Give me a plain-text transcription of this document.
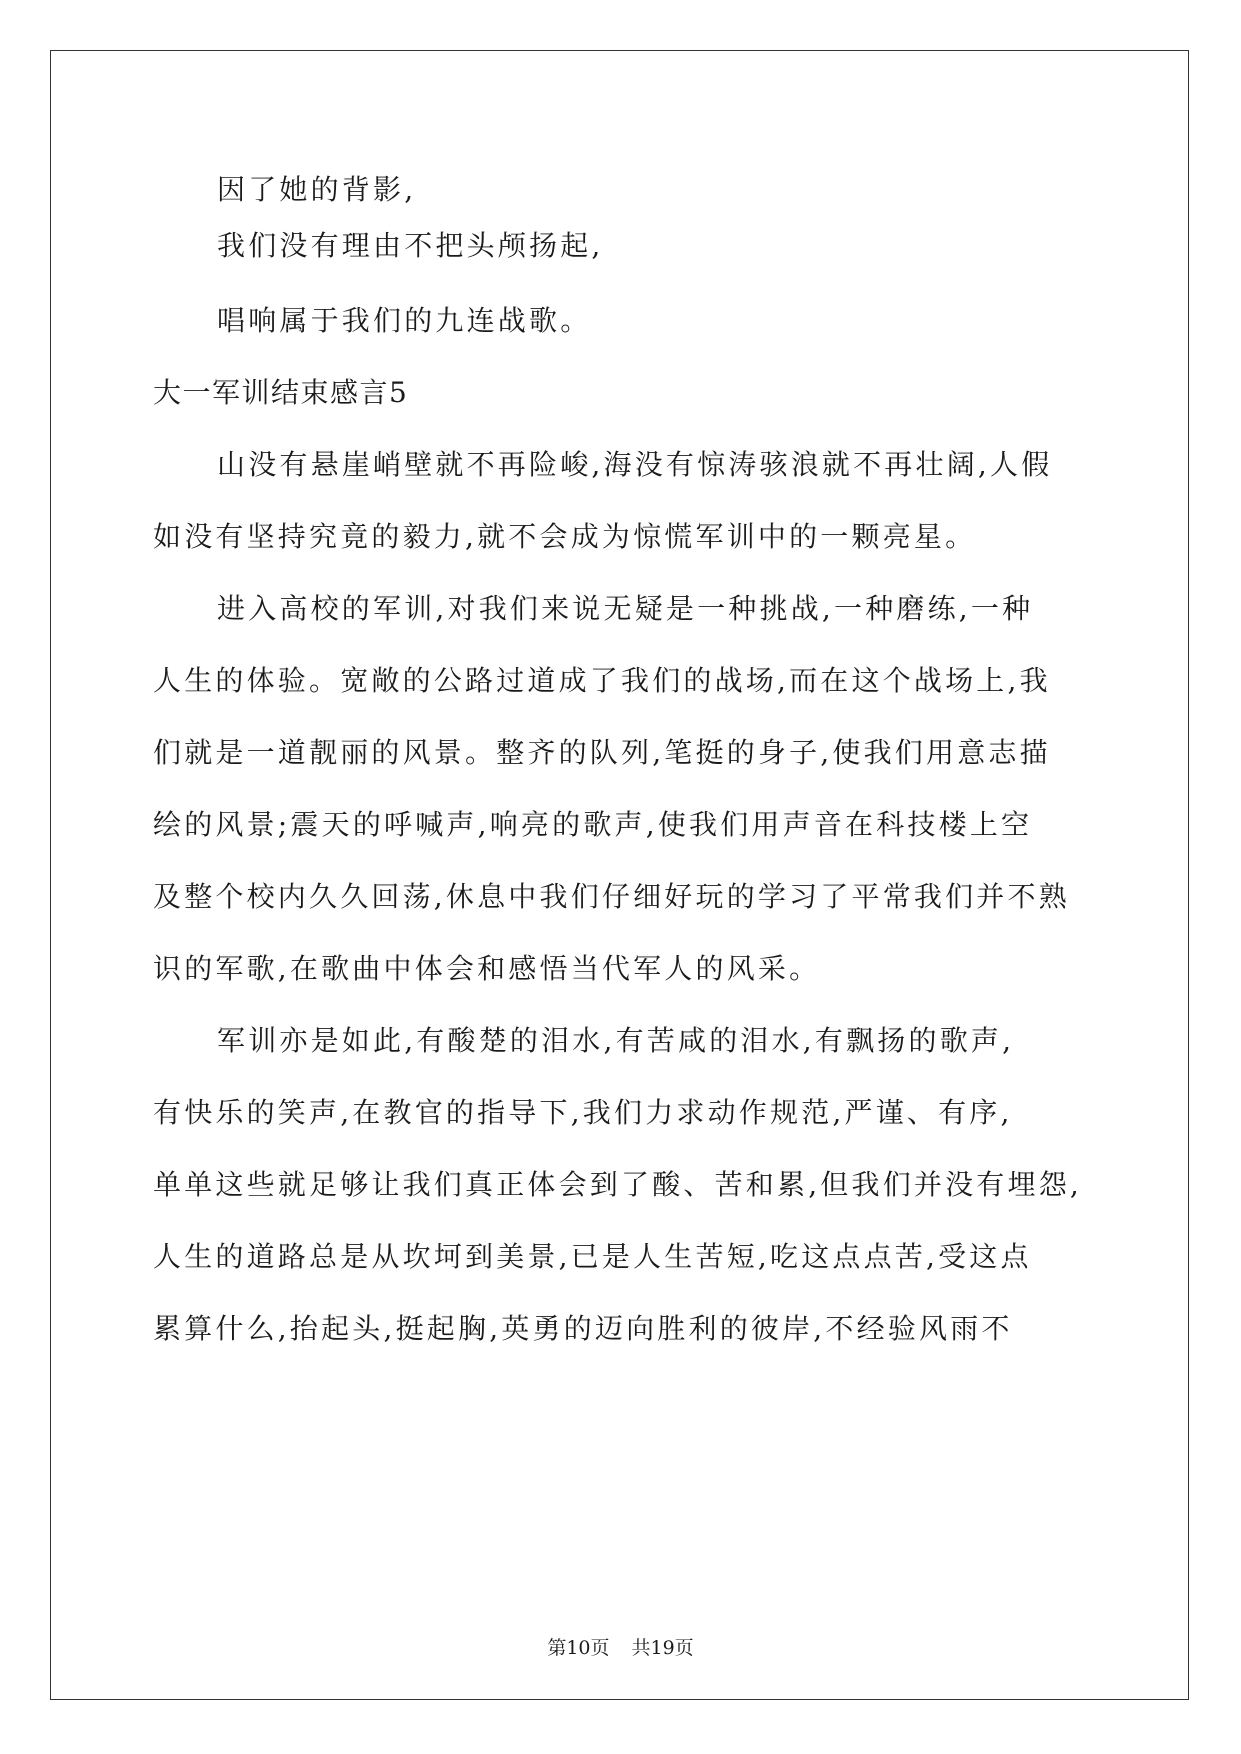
因了她的背影,
我们没有理由不把头颅扬起,
唱响属于我们的九连战歌。
大一军训结束感言5
山没有悬崖峭壁就不再险峻,海没有惊涛骇浪就不再壮阔,人假
如没有坚持究竟的毅力,就不会成为惊慌军训中的一颗亮星。
进入高校的军训,对我们来说无疑是一种挑战,一种磨练,一种
人生的体验。宽敞的公路过道成了我们的战场,而在这个战场上,我
们就是一道靓丽的风景。整齐的队列,笔挺的身子,使我们用意志描
绘的风景;震天的呼喊声,响亮的歌声,使我们用声音在科技楼上空
及整个校内久久回荡,休息中我们仔细好玩的学习了平常我们并不熟
识的军歌,在歌曲中体会和感悟当代军人的风采。
军训亦是如此,有酸楚的泪水,有苦咸的泪水,有飘扬的歌声,
有快乐的笑声,在教官的指导下,我们力求动作规范,严谨、有序,
单单这些就足够让我们真正体会到了酸、苦和累,但我们并没有埋怨,
人生的道路总是从坎坷到美景,已是人生苦短,吃这点点苦,受这点
累算什么,抬起头,挺起胸,英勇的迈向胜利的彼岸,不经验风雨不
第10页 共19页
